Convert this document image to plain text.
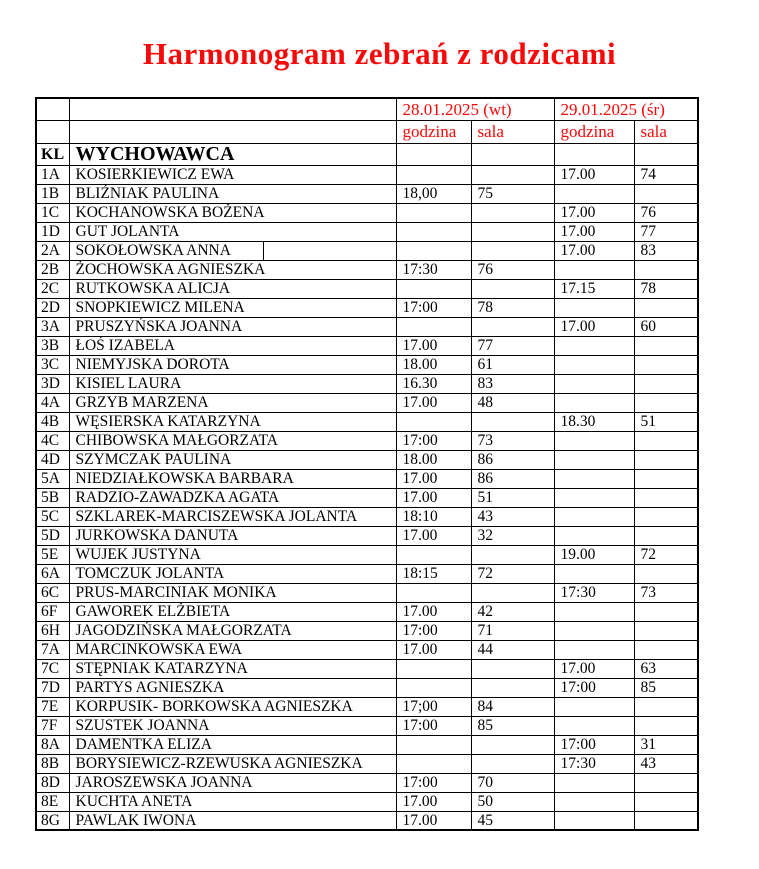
Harmonogram zebrań z rodzicami
		28.01.2025 (wt)		29.01.2025 (śr)	
		godzina	sala	godzina	sala
KL	WYCHOWAWCA				
1A	KOSIERKIEWICZ EWA			17.00	74
1B	BLIŹNIAK PAULINA	18,00	75		
1C	KOCHANOWSKA BOŻENA			17.00	76
1D	GUT JOLANTA			17.00	77
2A	SOKOŁOWSKA ANNA			17.00	83
2B	ŻOCHOWSKA AGNIESZKA	17:30	76		
2C	RUTKOWSKA ALICJA			17.15	78
2D	SNOPKIEWICZ MILENA	17:00	78		
3A	PRUSZYŃSKA JOANNA			17.00	60
3B	ŁOŚ IZABELA	17.00	77		
3C	NIEMYJSKA DOROTA	18.00	61		
3D	KISIEL LAURA	16.30	83		
4A	GRZYB MARZENA	17.00	48		
4B	WĘSIERSKA KATARZYNA			18.30	51
4C	CHIBOWSKA MAŁGORZATA	17:00	73		
4D	SZYMCZAK PAULINA	18.00	86		
5A	NIEDZIAŁKOWSKA BARBARA	17.00	86		
5B	RADZIO-ZAWADZKA AGATA	17.00	51		
5C	SZKLAREK-MARCISZEWSKA JOLANTA	18:10	43		
5D	JURKOWSKA DANUTA	17.00	32		
5E	WUJEK JUSTYNA			19.00	72
6A	TOMCZUK JOLANTA	18:15	72		
6C	PRUS-MARCINIAK MONIKA			17:30	73
6F	GAWOREK ELŻBIETA	17.00	42		
6H	JAGODZIŃSKA MAŁGORZATA	17:00	71		
7A	MARCINKOWSKA EWA	17.00	44		
7C	STĘPNIAK KATARZYNA			17.00	63
7D	PARTYS AGNIESZKA			17:00	85
7E	KORPUSIK- BORKOWSKA AGNIESZKA	17;00	84		
7F	SZUSTEK JOANNA	17:00	85		
8A	DAMENTKA ELIZA			17:00	31
8B	BORYSIEWICZ-RZEWUSKA AGNIESZKA			17:30	43
8D	JAROSZEWSKA JOANNA	17:00	70		
8E	KUCHTA ANETA	17.00	50		
8G	PAWLAK IWONA	17.00	45		
